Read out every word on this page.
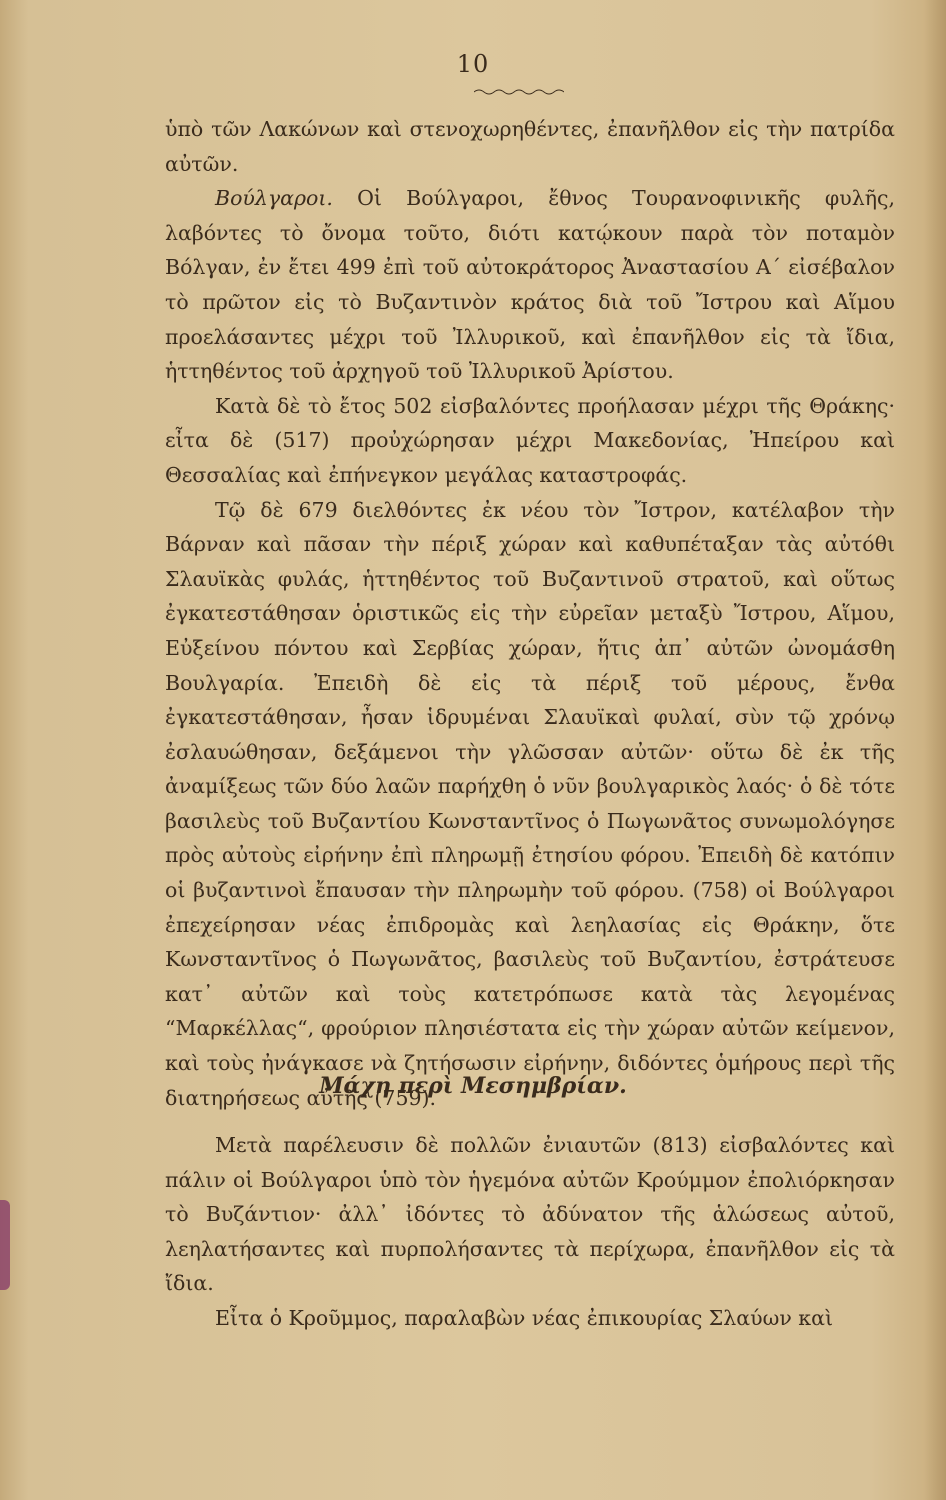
10

ὑπὸ τῶν Λακώνων καὶ στενοχωρηθέντες, ἐπανῆλθον εἰς τὴν πατρίδα αὐτῶν.

Βούλγαροι. Οἱ Βούλγαροι, ἔθνος Τουρανοφινικῆς φυλῆς, λαβόντες τὸ ὄνομα τοῦτο, διότι κατῴκουν παρὰ τὸν ποταμὸν Βόλγαν, ἐν ἔτει 499 ἐπὶ τοῦ αὐτοκράτορος Ἀναστασίου Α΄ εἰσέβαλον τὸ πρῶτον εἰς τὸ Βυζαντινὸν κράτος διὰ τοῦ Ἴστρου καὶ Αἵμου προελάσαντες μέχρι τοῦ Ἰλλυρικοῦ, καὶ ἐπανῆλθον εἰς τὰ ἴδια, ἡττηθέντος τοῦ ἀρχηγοῦ τοῦ Ἰλλυρικοῦ Ἀρίστου.

Κατὰ δὲ τὸ ἔτος 502 εἰσβαλόντες προήλασαν μέχρι τῆς Θράκης· εἶτα δὲ (517) προὐχώρησαν μέχρι Μακεδονίας, Ἠπείρου καὶ Θεσσαλίας καὶ ἐπήνεγκον μεγάλας καταστροφάς.

Τῷ δὲ 679 διελθόντες ἐκ νέου τὸν Ἴστρον, κατέλαβον τὴν Βάρναν καὶ πᾶσαν τὴν πέριξ χώραν καὶ καθυπέταξαν τὰς αὐτόθι Σλαυϊκὰς φυλάς, ἡττηθέντος τοῦ Βυζαντινοῦ στρατοῦ, καὶ οὕτως ἐγκατεστάθησαν ὁριστικῶς εἰς τὴν εὐρεῖαν μεταξὺ Ἴστρου, Αἵμου, Εὐξείνου πόντου καὶ Σερβίας χώραν, ἥτις ἀπ᾽ αὐτῶν ὠνομάσθη Βουλγαρία. Ἐπειδὴ δὲ εἰς τὰ πέριξ τοῦ μέρους, ἔνθα ἐγκατεστάθησαν, ἦσαν ἱδρυμέναι Σλαυϊκαὶ φυλαί, σὺν τῷ χρόνῳ ἐσλαυώθησαν, δεξάμενοι τὴν γλῶσσαν αὐτῶν· οὕτω δὲ ἐκ τῆς ἀναμίξεως τῶν δύο λαῶν παρήχθη ὁ νῦν βουλγαρικὸς λαός· ὁ δὲ τότε βασιλεὺς τοῦ Βυζαντίου Κωνσταντῖνος ὁ Πωγωνᾶτος συνωμολόγησε πρὸς αὐτοὺς εἰρήνην ἐπὶ πληρωμῇ ἐτησίου φόρου. Ἐπειδὴ δὲ κατόπιν οἱ βυζαντινοὶ ἔπαυσαν τὴν πληρωμὴν τοῦ φόρου. (758) οἱ Βούλγαροι ἐπεχείρησαν νέας ἐπιδρομὰς καὶ λεηλασίας εἰς Θράκην, ὅτε Κωνσταντῖνος ὁ Πωγωνᾶτος, βασιλεὺς τοῦ Βυζαντίου, ἐστράτευσε κατ᾽ αὐτῶν καὶ τοὺς κατετρόπωσε κατὰ τὰς λεγομένας “Μαρκέλλας“, φρούριον πλησιέστατα εἰς τὴν χώραν αὐτῶν κείμενον, καὶ τοὺς ἠνάγκασε νὰ ζητήσωσιν εἰρήνην, διδόντες ὁμήρους περὶ τῆς διατηρήσεως αὐτῆς (759).

Μάχη περὶ Μεσημβρίαν.

Μετὰ παρέλευσιν δὲ πολλῶν ἐνιαυτῶν (813) εἰσβαλόντες καὶ πάλιν οἱ Βούλγαροι ὑπὸ τὸν ἡγεμόνα αὐτῶν Κρούμμον ἐπολιόρκησαν τὸ Βυζάντιον· ἀλλ᾽ ἰδόντες τὸ ἀδύνατον τῆς ἁλώσεως αὐτοῦ, λεηλατήσαντες καὶ πυρπολήσαντες τὰ περίχωρα, ἐπανῆλθον εἰς τὰ ἴδια.

Εἶτα ὁ Κροῦμμος, παραλαβὼν νέας ἐπικουρίας Σλαύων καὶ
